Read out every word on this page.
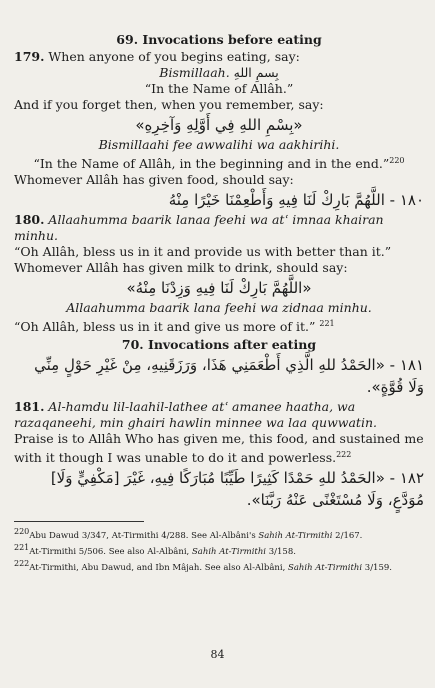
69. Invocations before eating

179. When anyone of you begins eating, say:

Bismillaah. بِسمِ اللهِ

“In the Name of Allâh.”

And if you forget then, when you remember, say:

«بِسْمِ اللهِ فِي أَوَّلِهِ وَآخِرِهِ»

Bismillaahi fee awwalihi wa aakhirihi.

“In the Name of Allâh, in the beginning and in the end.”$^{220}$

Whomever Allâh has given food, should say:

١٨٠ - اللَّهُمَّ بَارِكْ لَنَا فِيهِ وَأَطْعِمْنَا خَيْرًا مِنْهُ

180. Allaahumma baarik lanaa feehi wa atʿ imnaa khairan minhu.

“Oh Allâh, bless us in it and provide us with better than it.”

Whomever Allâh has given milk to drink, should say:

«اللَّهُمَّ بَارِكْ لَنَا فِيهِ وَزِدْنَا مِنْهُ»

Allaahumma baarik lana feehi wa zidnaa minhu.

“Oh Allâh, bless us in it and give us more of it.” $^{221}$

70. Invocations after eating
١٨١ - «الحَمْدُ للهِ الَّذِي أَطْعَمَنِي هَذَا، وَرَزَقَنِيهِ، مِنْ غَيْرِ حَوْلٍ مِنِّي وَلَا قُوَّةٍ».

181. Al-hamdu lil-laahil-lathee atʿ amanee haatha, wa razaqaneehi, min ghairi hawlin minnee wa laa quwwatin.

Praise is to Allâh Who has given me, this food, and sustained me with it though I was unable to do it and powerless.$^{222}$

١٨٢ - «الحَمْدُ للهِ حَمْدًا كَثِيرًا طَيِّبًا مُبَارَكًا فِيهِ، غَيْرَ [مَكْفِيٍّ وَلَا] مُوَدَّعٍ، وَلَا مُسْتَغْنًى عَنْهُ رَبَّنَا».

220Abu Dawud 3/347, At-Tirmithi 4/288. See Al-Albâni's Sahih At-Tirmithi 2/167.

221At-Tirmithi 5/506. See also Al-Albâni, Sahih At-Tirmithi 3/158.

222At-Tirmithi, Abu Dawud, and Ibn Mâjah. See also Al-Albâni, Sahih At-Tirmithi 3/159.

84
